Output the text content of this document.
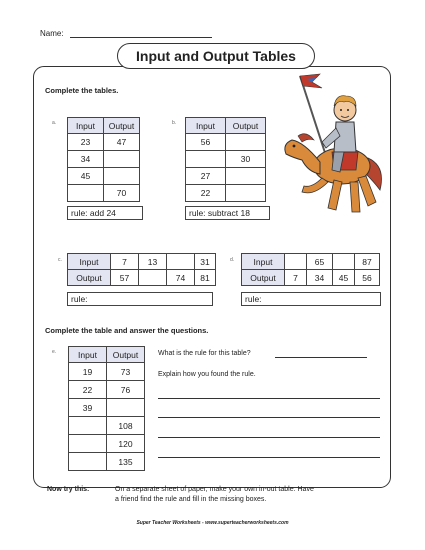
Name:
Input and Output Tables
Complete the tables.
a. Input	Output
23	47
34	
45	
	70
rule: add 24
b. Input	Output
56	
	30
27	
22	
rule: subtract 18
c. Input	7	13		31
Output	57		74	81
rule:
d. Input		65		87
Output	7	34	45	56
rule:
Complete the table and answer the questions.
e.	Input	Output
19	73
22	76
39	
	108
	120
	135
What is the rule for this table?
Explain how you found the rule.
Now try this:	On a separate sheet of paper, make your own in-out table. Have
a friend find the rule and fill in the missing boxes.
Super Teacher Worksheets - www.superteacherworksheets.com
